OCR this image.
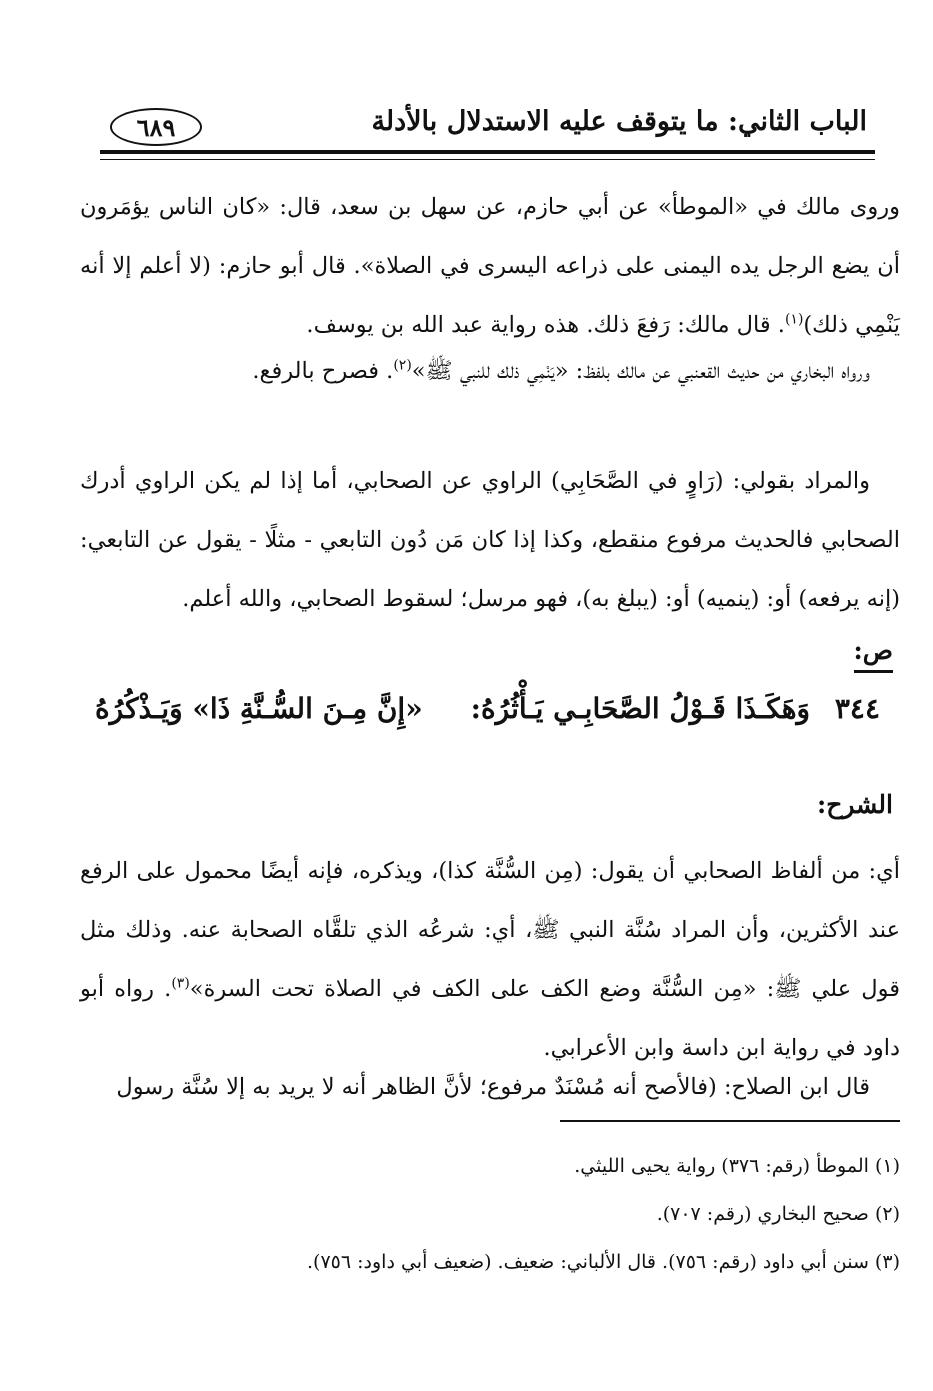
الباب الثاني: ما يتوقف عليه الاستدلال بالأدلة
٦٨٩
وروى مالك في «الموطأ» عن أبي حازم، عن سهل بن سعد، قال: «كان الناس يؤمَرون أن يضع الرجل يده اليمنى على ذراعه اليسرى في الصلاة». قال أبو حازم: (لا أعلم إلا أنه يَنْمِي ذلك)$^{(١)}$. قال مالك: رَفعَ ذلك. هذه رواية عبد الله بن يوسف.
ورواه البخاري من حديث القعنبي عن مالك بلفظ: «يَنْمِي ذلك للنبي ﷺ»$^{(٢)}$. فصرح بالرفع.
والمراد بقولي: (رَاوٍ في الصَّحَابِي) الراوي عن الصحابي، أما إذا لم يكن الراوي أدرك الصحابي فالحديث مرفوع منقطع، وكذا إذا كان مَن دُون التابعي - مثلًا - يقول عن التابعي: (إنه يرفعه) أو: (ينميه) أو: (يبلغ به)، فهو مرسل؛ لسقوط الصحابي، والله أعلم.
ص:
٣٤٤
وَهَكَـذَا قَـوْلُ الصَّحَابِـي يَـأْثُرُهُ:
«إِنَّ مِـنَ السُّـنَّةِ ذَا» وَيَـذْكُرُهُ
الشرح:
أي: من ألفاظ الصحابي أن يقول: (مِن السُّنَّة كذا)، ويذكره، فإنه أيضًا محمول على الرفع عند الأكثرين، وأن المراد سُنَّة النبي ﷺ، أي: شرعُه الذي تلقَّاه الصحابة عنه. وذلك مثل قول علي ﷺ: «مِن السُّنَّة وضع الكف على الكف في الصلاة تحت السرة»$^{(٣)}$. رواه أبو داود في رواية ابن داسة وابن الأعرابي.
قال ابن الصلاح: (فالأصح أنه مُسْنَدٌ مرفوع؛ لأنَّ الظاهر أنه لا يريد به إلا سُنَّة رسول
(١) الموطأ (رقم: ٣٧٦) رواية يحيى الليثي.
(٢) صحيح البخاري (رقم: ٧٠٧).
(٣) سنن أبي داود (رقم: ٧٥٦). قال الألباني: ضعيف. (ضعيف أبي داود: ٧٥٦).
